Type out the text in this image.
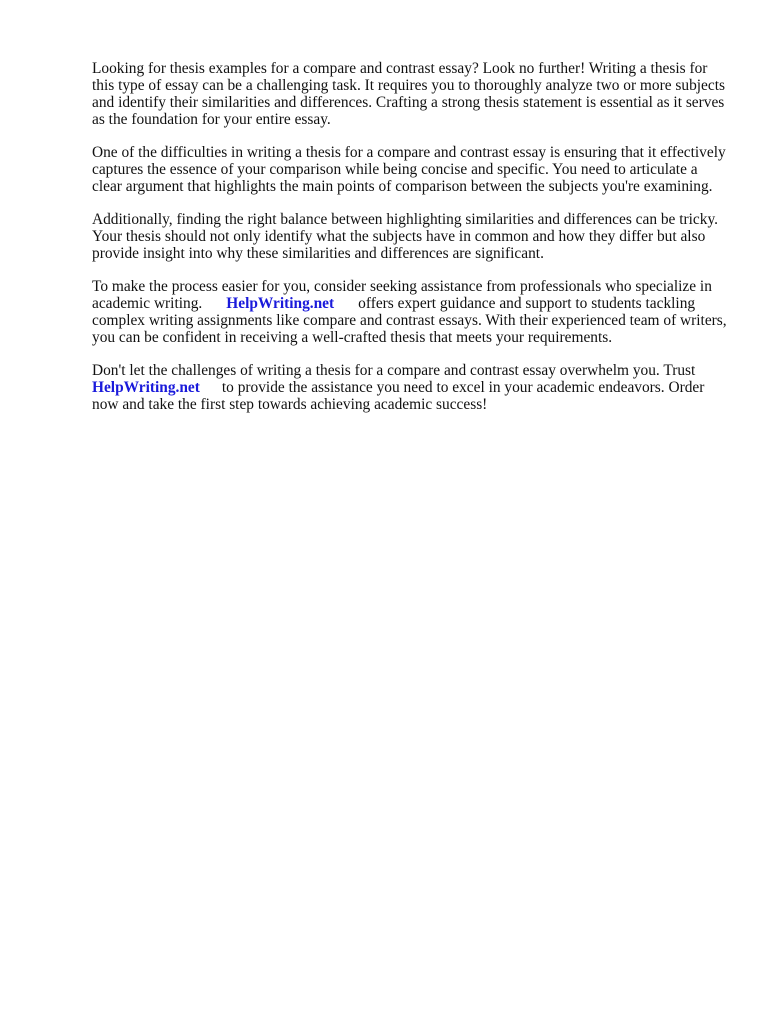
Looking for thesis examples for a compare and contrast essay? Look no further! Writing a thesis for this type of essay can be a challenging task. It requires you to thoroughly analyze two or more subjects and identify their similarities and differences. Crafting a strong thesis statement is essential as it serves as the foundation for your entire essay.

One of the difficulties in writing a thesis for a compare and contrast essay is ensuring that it effectively captures the essence of your comparison while being concise and specific. You need to articulate a clear argument that highlights the main points of comparison between the subjects you're examining.

Additionally, finding the right balance between highlighting similarities and differences can be tricky. Your thesis should not only identify what the subjects have in common and how they differ but also provide insight into why these similarities and differences are significant.

To make the process easier for you, consider seeking assistance from professionals who specialize in academic writing. HelpWriting.net offers expert guidance and support to students tackling complex writing assignments like compare and contrast essays. With their experienced team of writers, you can be confident in receiving a well-crafted thesis that meets your requirements.

Don't let the challenges of writing a thesis for a compare and contrast essay overwhelm you. Trust HelpWriting.net to provide the assistance you need to excel in your academic endeavors. Order now and take the first step towards achieving academic success!
